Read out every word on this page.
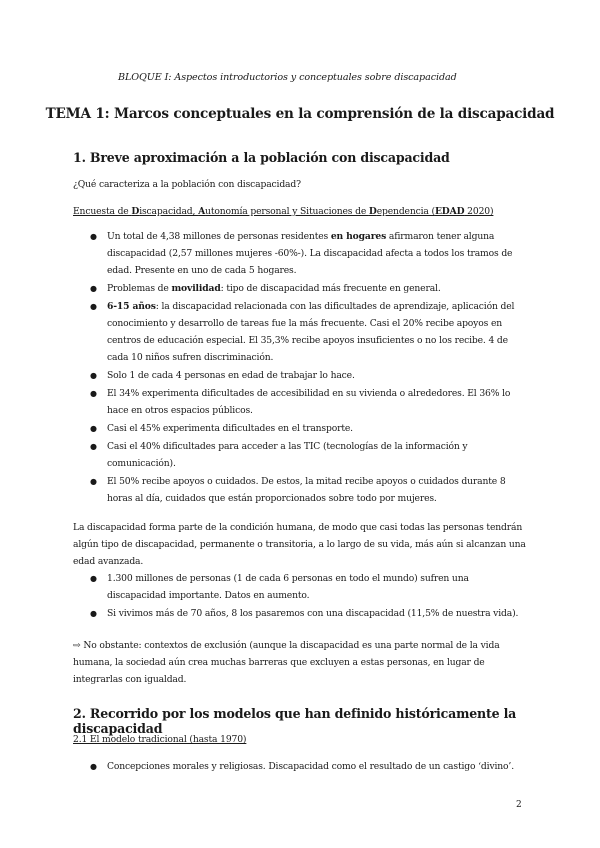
BLOQUE I: Aspectos introductorios y conceptuales sobre discapacidad
TEMA 1: Marcos conceptuales en la comprensión de la discapacidad
1. Breve aproximación a la población con discapacidad
¿Qué caracteriza a la población con discapacidad?
Encuesta de Discapacidad, Autonomía personal y Situaciones de Dependencia (EDAD 2020)
● Un total de 4,38 millones de personas residentes en hogares afirmaron tener alguna discapacidad (2,57 millones mujeres -60%-). La discapacidad afecta a todos los tramos de edad. Presente en uno de cada 5 hogares.
● Problemas de movilidad: tipo de discapacidad más frecuente en general.
● 6-15 años: la discapacidad relacionada con las dificultades de aprendizaje, aplicación del conocimiento y desarrollo de tareas fue la más frecuente. Casi el 20% recibe apoyos en centros de educación especial. El 35,3% recibe apoyos insuficientes o no los recibe. 4 de cada 10 niños sufren discriminación.
● Solo 1 de cada 4 personas en edad de trabajar lo hace.
● El 34% experimenta dificultades de accesibilidad en su vivienda o alrededores. El 36% lo hace en otros espacios públicos.
● Casi el 45% experimenta dificultades en el transporte.
● Casi el 40% dificultades para acceder a las TIC (tecnologías de la información y comunicación).
● El 50% recibe apoyos o cuidados. De estos, la mitad recibe apoyos o cuidados durante 8 horas al día, cuidados que están proporcionados sobre todo por mujeres.
La discapacidad forma parte de la condición humana, de modo que casi todas las personas tendrán algún tipo de discapacidad, permanente o transitoria, a lo largo de su vida, más aún si alcanzan una edad avanzada.
● 1.300 millones de personas (1 de cada 6 personas en todo el mundo) sufren una discapacidad importante. Datos en aumento.
● Si vivimos más de 70 años, 8 los pasaremos con una discapacidad (11,5% de nuestra vida).
⇨ No obstante: contextos de exclusión (aunque la discapacidad es una parte normal de la vida humana, la sociedad aún crea muchas barreras que excluyen a estas personas, en lugar de integrarlas con igualdad.
2. Recorrido por los modelos que han definido históricamente la discapacidad
2.1 El modelo tradicional (hasta 1970)
● Concepciones morales y religiosas. Discapacidad como el resultado de un castigo ‘divino’.
2
